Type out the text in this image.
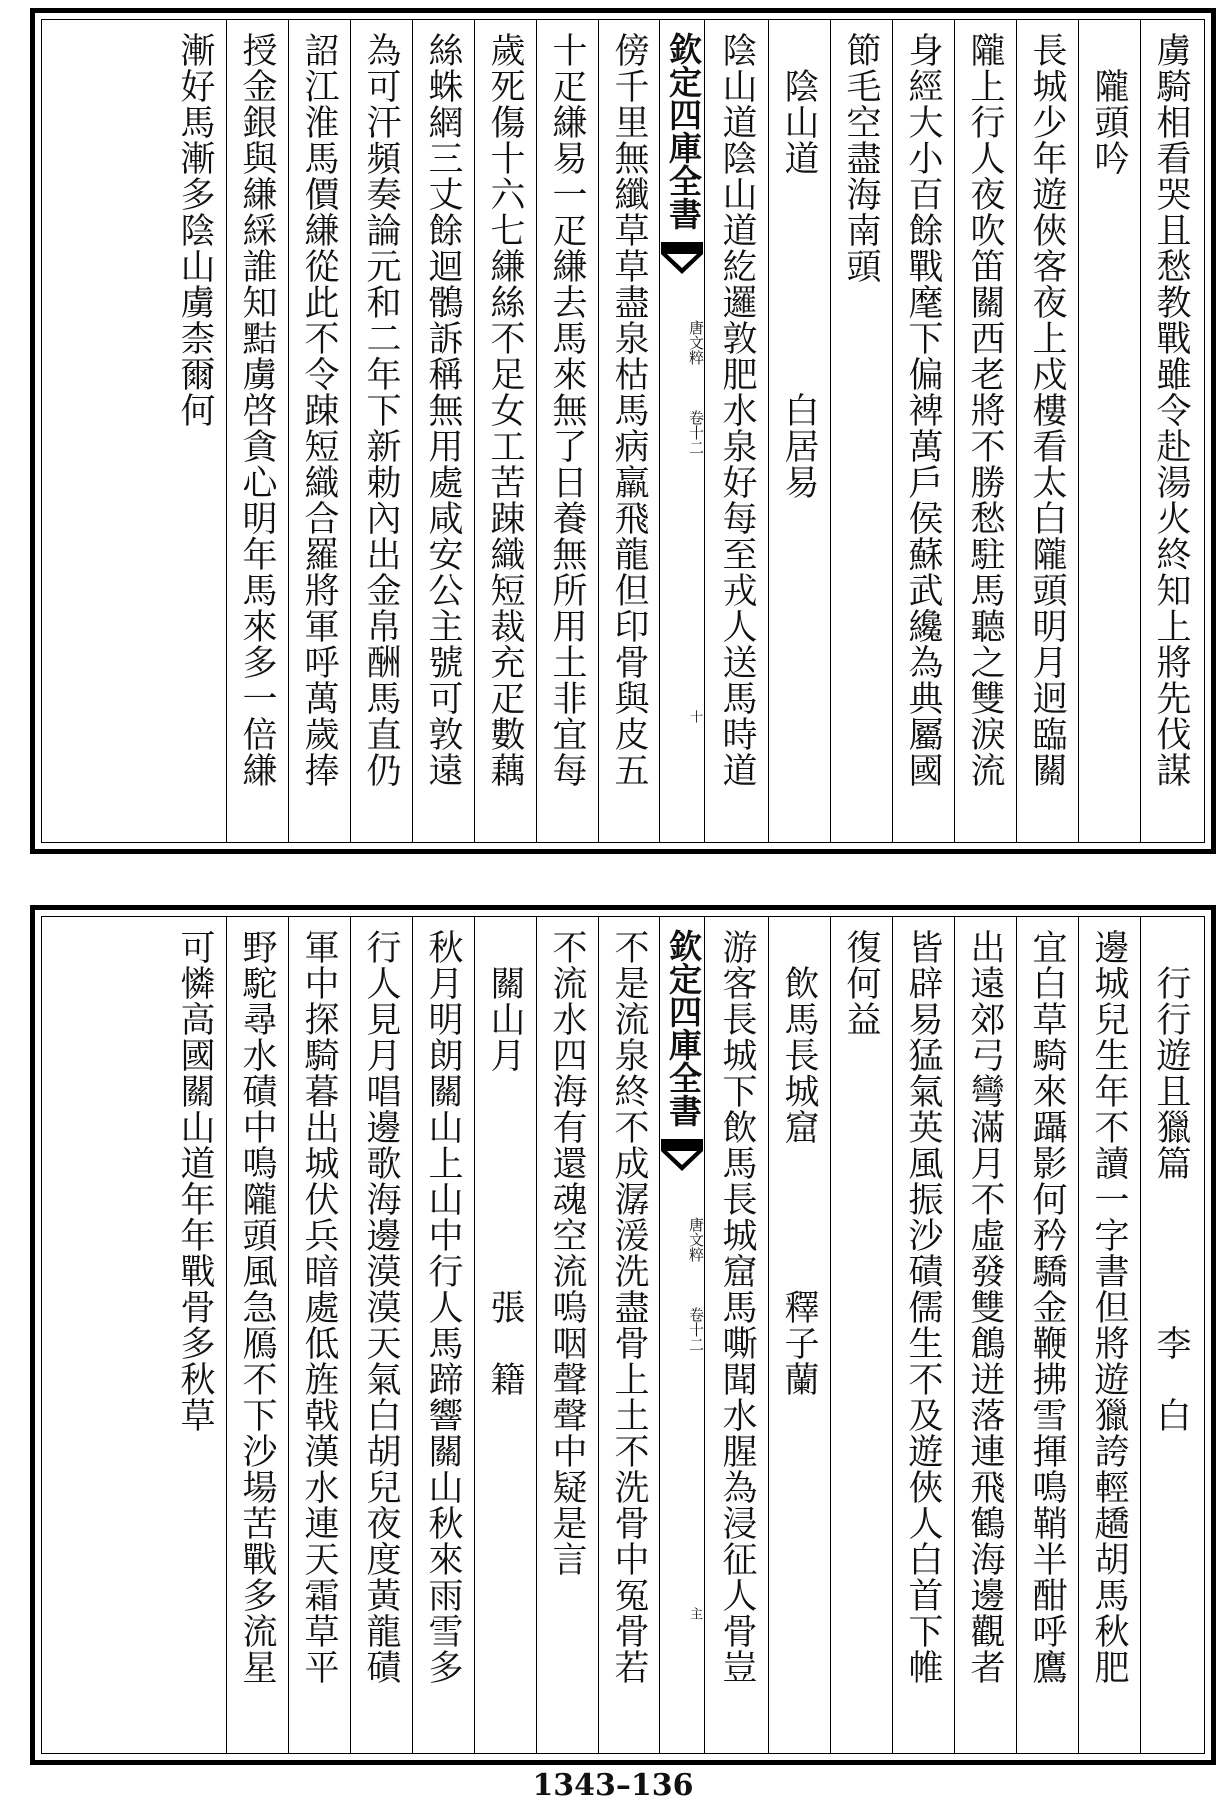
虜騎相看哭且愁教戰雖令赴湯火終知上將先伐謀
　隴頭吟
長城少年遊俠客夜上戍樓看太白隴頭明月迥臨關
隴上行人夜吹笛關西老將不勝愁駐馬聽之雙淚流
身經大小百餘戰麾下偏裨萬戶侯蘇武纔為典屬國
節毛空盡海南頭
　陰山道　　　　　　白居易
陰山道陰山道紇邏敦肥水泉好每至戎人送馬時道
欽定四庫全書
唐文粹
卷十二
十
傍千里無纖草草盡泉枯馬病羸飛龍但印骨與皮五
十疋縑易一疋縑去馬來無了日養無所用土非宜每
歲死傷十六七縑絲不足女工苦踈織短裁充疋數藕
絲蛛網三丈餘迴鶻訴稱無用處咸安公主號可敦遠
為可汗頻奏論元和二年下新勅內出金帛酬馬直仍
詔江淮馬價縑從此不令踈短織合羅將軍呼萬歲捧
授金銀與縑綵誰知黠虜啓貪心明年馬來多一倍縑
漸好馬漸多陰山虜柰爾何
　行行遊且獵篇　　　　李　白
邊城兒生年不讀一字書但將遊獵誇輕趫胡馬秋肥
宜白草騎來躡影何矜驕金鞭拂雪揮鳴鞘半酣呼鷹
出遠郊弓彎滿月不虛發雙鶬迸落連飛鶴海邊觀者
皆辟易猛氣英風振沙磧儒生不及遊俠人白首下帷
復何益
　飲馬長城窟　　　　釋子蘭
游客長城下飲馬長城窟馬嘶聞水腥為浸征人骨豈
欽定四庫全書
唐文粹
卷十二
主
不是流泉終不成潺湲洗盡骨上土不洗骨中冤骨若
不流水四海有還魂空流嗚咽聲聲中疑是言
　關山月　　　　　　張　籍
秋月明朗關山上山中行人馬蹄響關山秋來雨雪多
行人見月唱邊歌海邊漠漠天氣白胡兒夜度黃龍磧
軍中探騎暮出城伏兵暗處低旌戟漢水連天霜草平
野駝尋水磧中鳴隴頭風急鴈不下沙場苦戰多流星
可憐高國關山道年年戰骨多秋草
1343–136
